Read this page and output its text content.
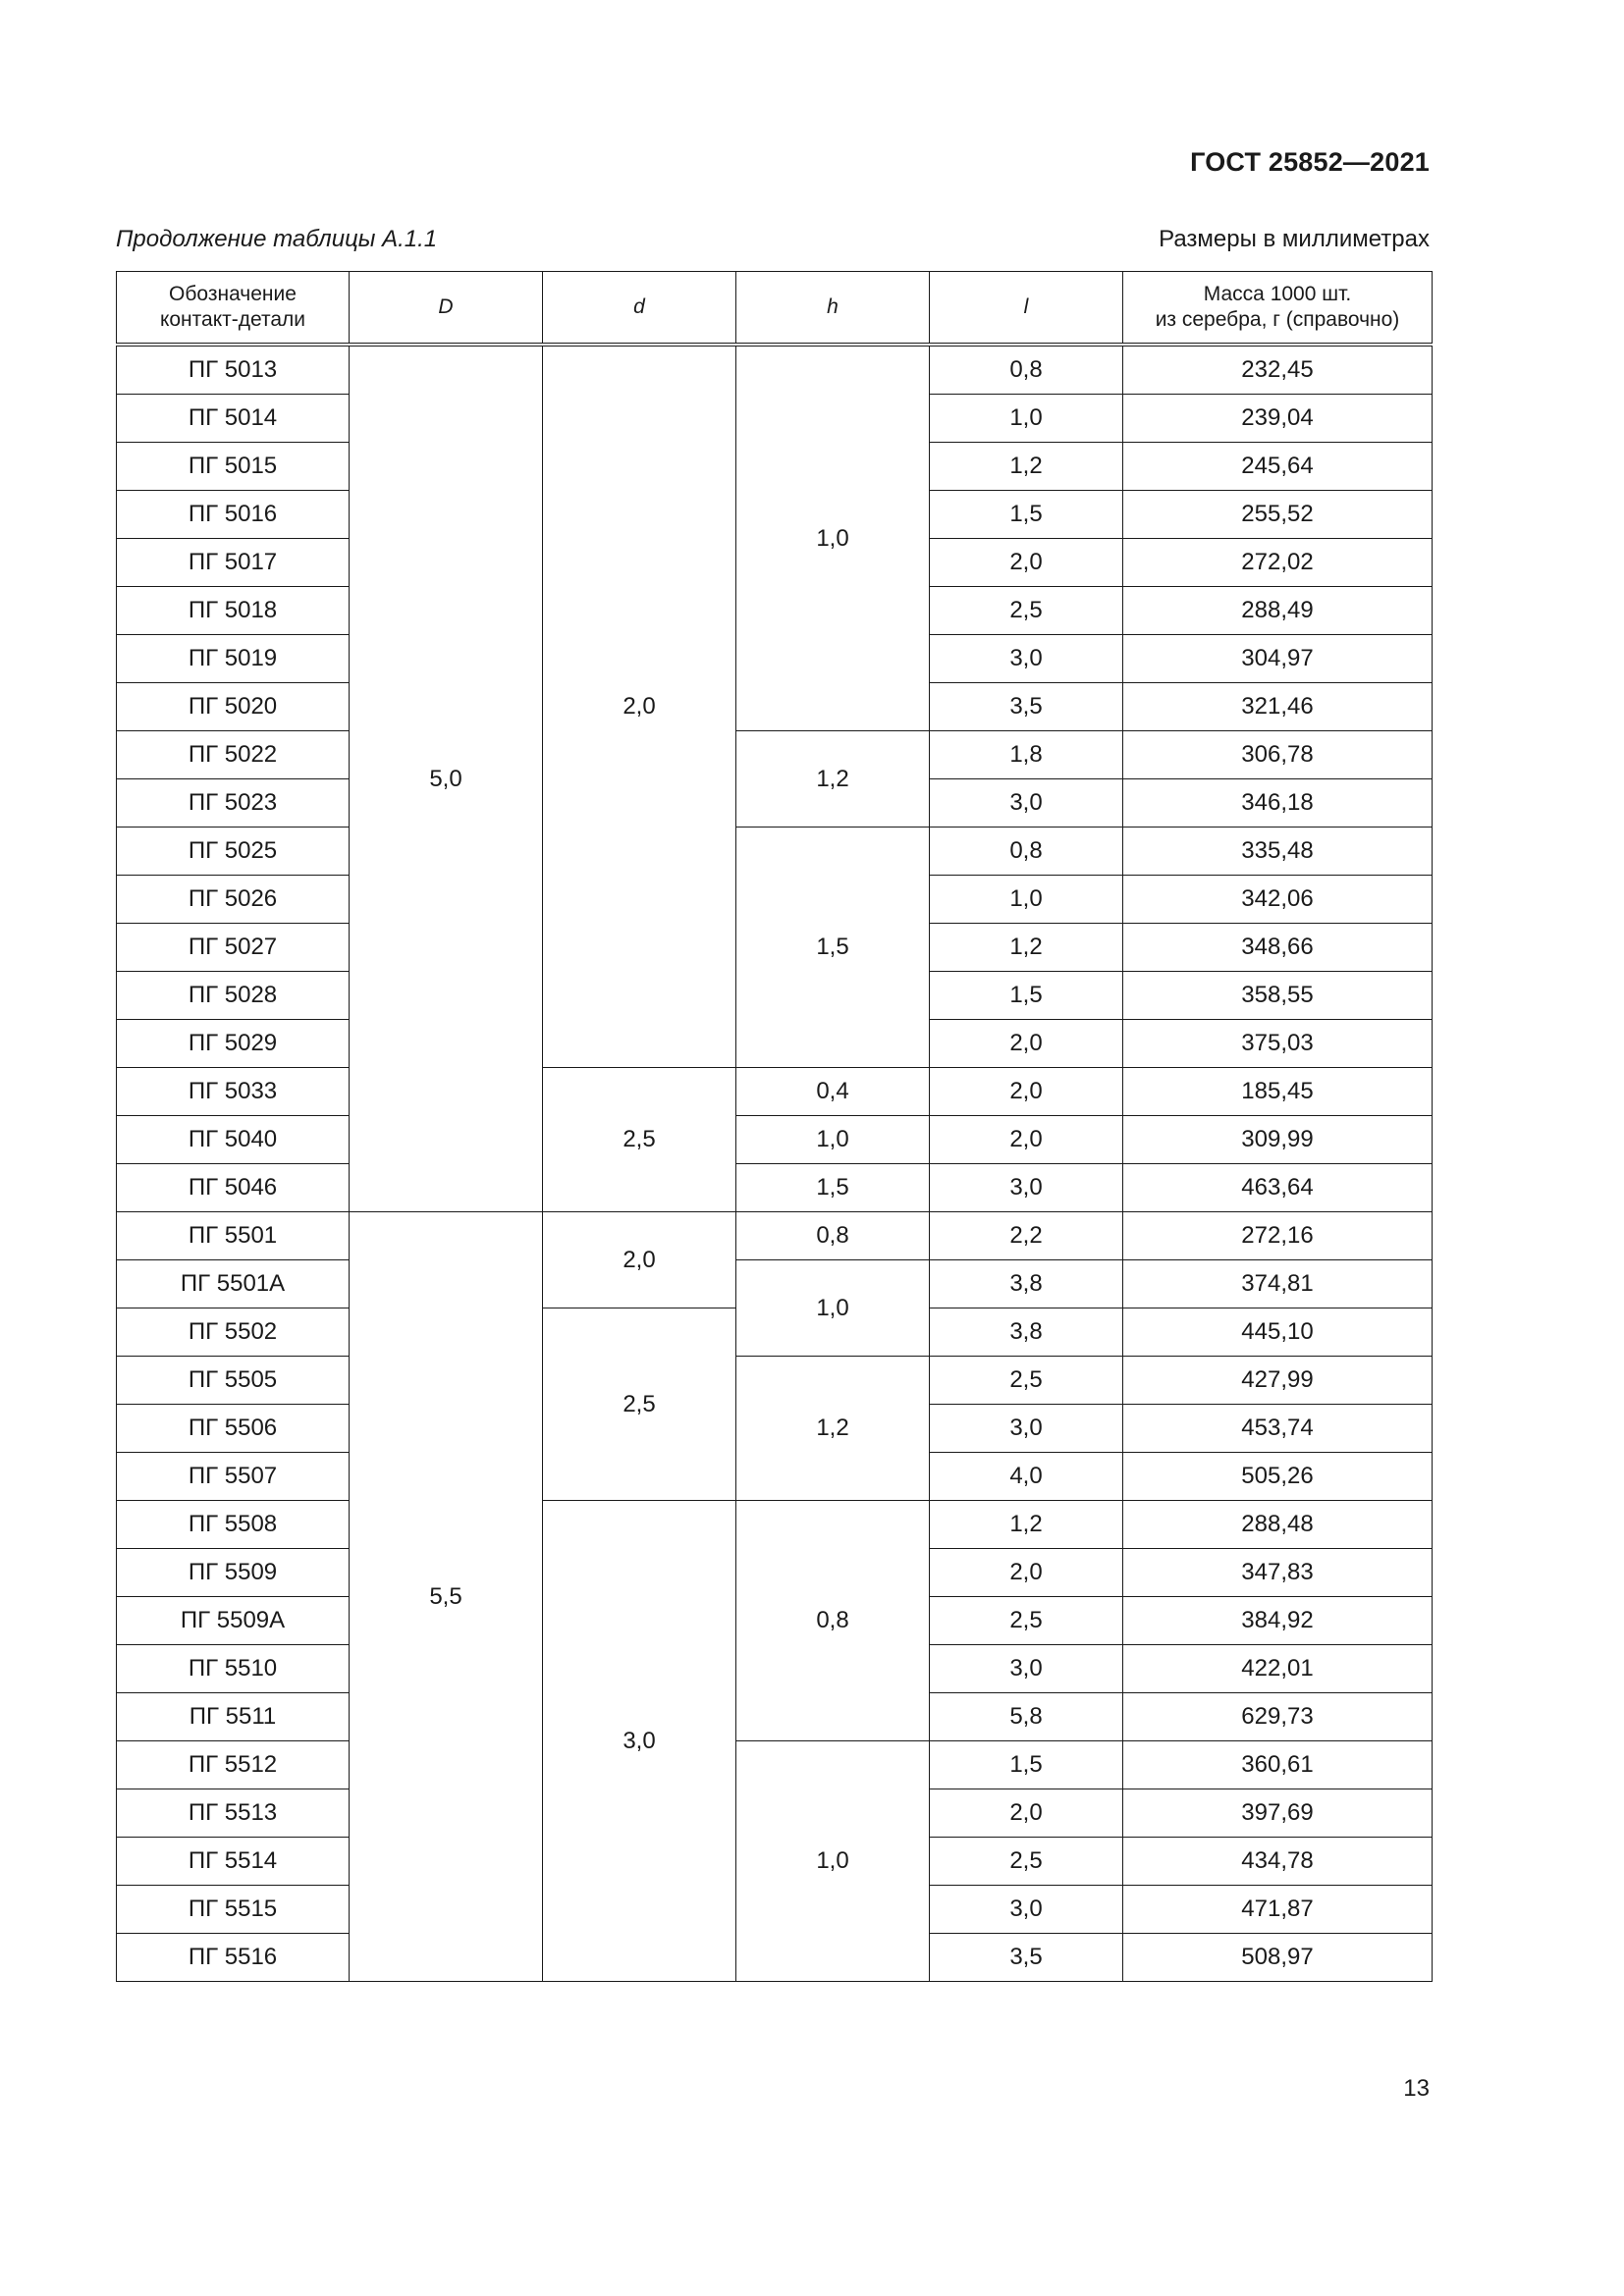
ГОСТ 25852—2021
Продолжение таблицы А.1.1	Размеры в миллиметрах
Обозначение
контакт-детали	D	d	h	l	Масса 1000 шт.
из серебра, г (справочно)
ПГ 5013	5,0	2,0	1,0	0,8	232,45
ПГ 5014				1,0	239,04
ПГ 5015				1,2	245,64
ПГ 5016				1,5	255,52
ПГ 5017				2,0	272,02
ПГ 5018				2,5	288,49
ПГ 5019				3,0	304,97
ПГ 5020				3,5	321,46
ПГ 5022			1,2	1,8	306,78
ПГ 5023				3,0	346,18
ПГ 5025			1,5	0,8	335,48
ПГ 5026				1,0	342,06
ПГ 5027				1,2	348,66
ПГ 5028				1,5	358,55
ПГ 5029				2,0	375,03
ПГ 5033		2,5	0,4	2,0	185,45
ПГ 5040			1,0	2,0	309,99
ПГ 5046			1,5	3,0	463,64
ПГ 5501	5,5	2,0	0,8	2,2	272,16
ПГ 5501А			1,0	3,8	374,81
ПГ 5502		2,5		3,8	445,10
ПГ 5505			1,2	2,5	427,99
ПГ 5506				3,0	453,74
ПГ 5507				4,0	505,26
ПГ 5508		3,0	0,8	1,2	288,48
ПГ 5509				2,0	347,83
ПГ 5509А				2,5	384,92
ПГ 5510				3,0	422,01
ПГ 5511				5,8	629,73
ПГ 5512			1,0	1,5	360,61
ПГ 5513				2,0	397,69
ПГ 5514				2,5	434,78
ПГ 5515				3,0	471,87
ПГ 5516				3,5	508,97
13
